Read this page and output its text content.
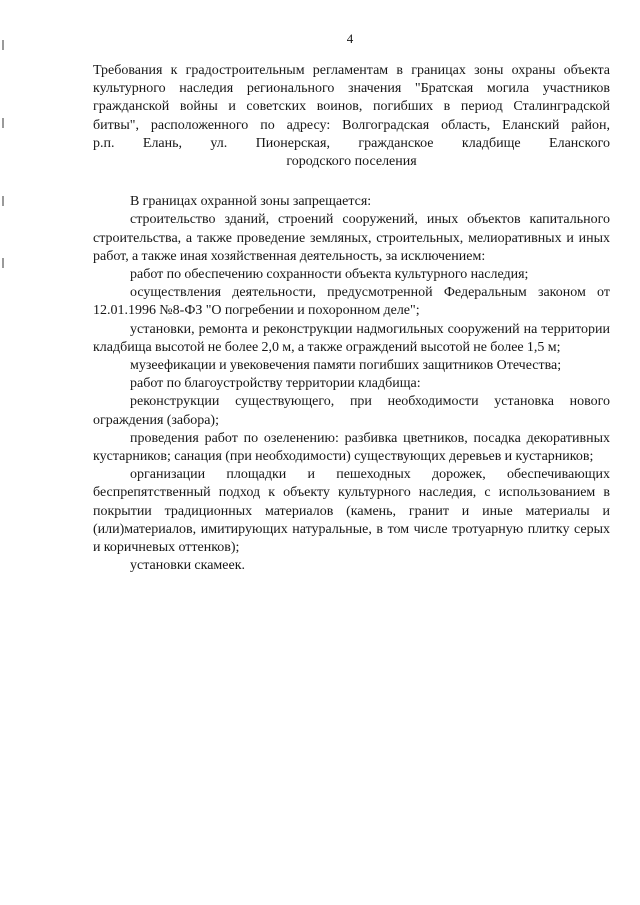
4

Требования к градостроительным регламентам в границах зоны охраны объекта

культурного наследия регионального значения "Братская могила участников

гражданской войны и советских воинов, погибших в период Сталинградской

битвы", расположенного по адресу: Волгоградская область, Еланский район,

р.п. Елань, ул. Пионерская, гражданское кладбище Еланского

городского поселения

В границах охранной зоны запрещается:

строительство зданий, строений сооружений, иных объектов капитального строительства, а также проведение земляных, строительных, мелиоративных и иных работ, а также иная хозяйственная деятельность, за исключением:

работ по обеспечению сохранности объекта культурного наследия;

осуществления деятельности, предусмотренной Федеральным законом от 12.01.1996 №8-ФЗ "О погребении и похоронном деле";

установки, ремонта и реконструкции надмогильных сооружений на территории кладбища высотой не более 2,0 м, а также ограждений высотой не более 1,5 м;

музеефикации и увековечения памяти погибших защитников Отечества;

работ по благоустройству территории кладбища:

реконструкции существующего, при необходимости установка нового ограждения (забора);

проведения работ по озеленению: разбивка цветников, посадка декоративных кустарников; санация (при необходимости) существующих деревьев и кустарников;

организации площадки и пешеходных дорожек, обеспечивающих беспрепятственный подход к объекту культурного наследия, с использованием в покрытии традиционных материалов (камень, гранит и иные материалы и (или)материалов, имитирующих натуральные, в том числе тротуарную плитку серых и коричневых оттенков);

установки скамеек.
